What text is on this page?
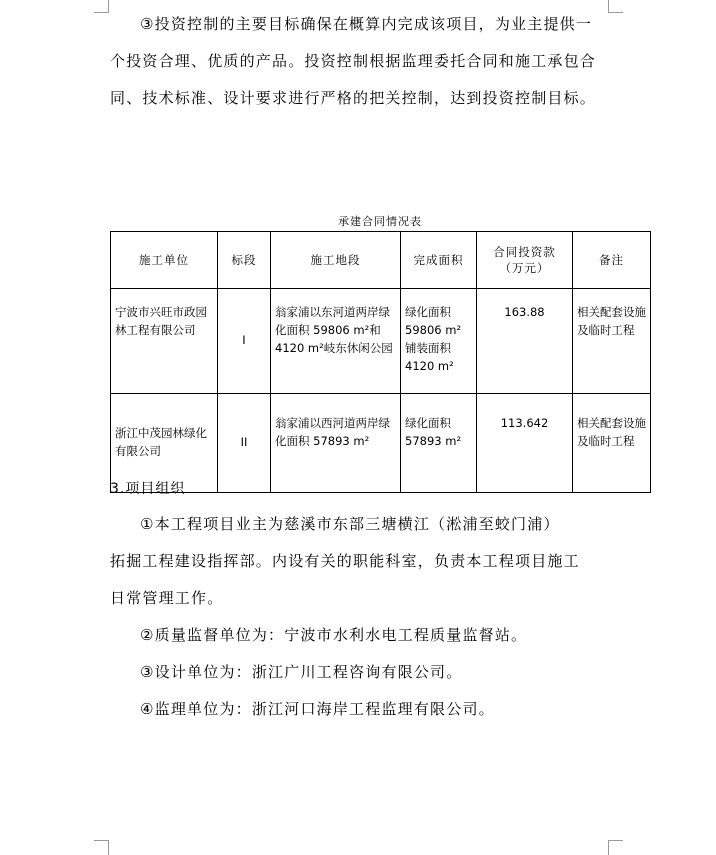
③投资控制的主要目标确保在概算内完成该项目，为业主提供一

个投资合理、优质的产品。投资控制根据监理委托合同和施工承包合

同、技术标准、设计要求进行严格的把关控制，达到投资控制目标。

承建合同情况表
施工单位	标段	施工地段	完成面积	合同投资款（万元）	备注
宁波市兴旺市政园林工程有限公司	I	翁家浦以东河道两岸绿化面积 59806 m²和 4120 m²岐东休闲公园	绿化面积 59806 m² 铺装面积 4120 m²	163.88	相关配套设施及临时工程
浙江中茂园林绿化有限公司	II	翁家浦以西河道两岸绿化面积 57893 m²	绿化面积 57893 m²	113.642	相关配套设施及临时工程
3.项目组织

①本工程项目业主为慈溪市东部三塘横江（淞浦至蛟门浦）

拓掘工程建设指挥部。内设有关的职能科室，负责本工程项目施工

日常管理工作。

②质量监督单位为：宁波市水利水电工程质量监督站。

③设计单位为：浙江广川工程咨询有限公司。

④监理单位为：浙江河口海岸工程监理有限公司。
